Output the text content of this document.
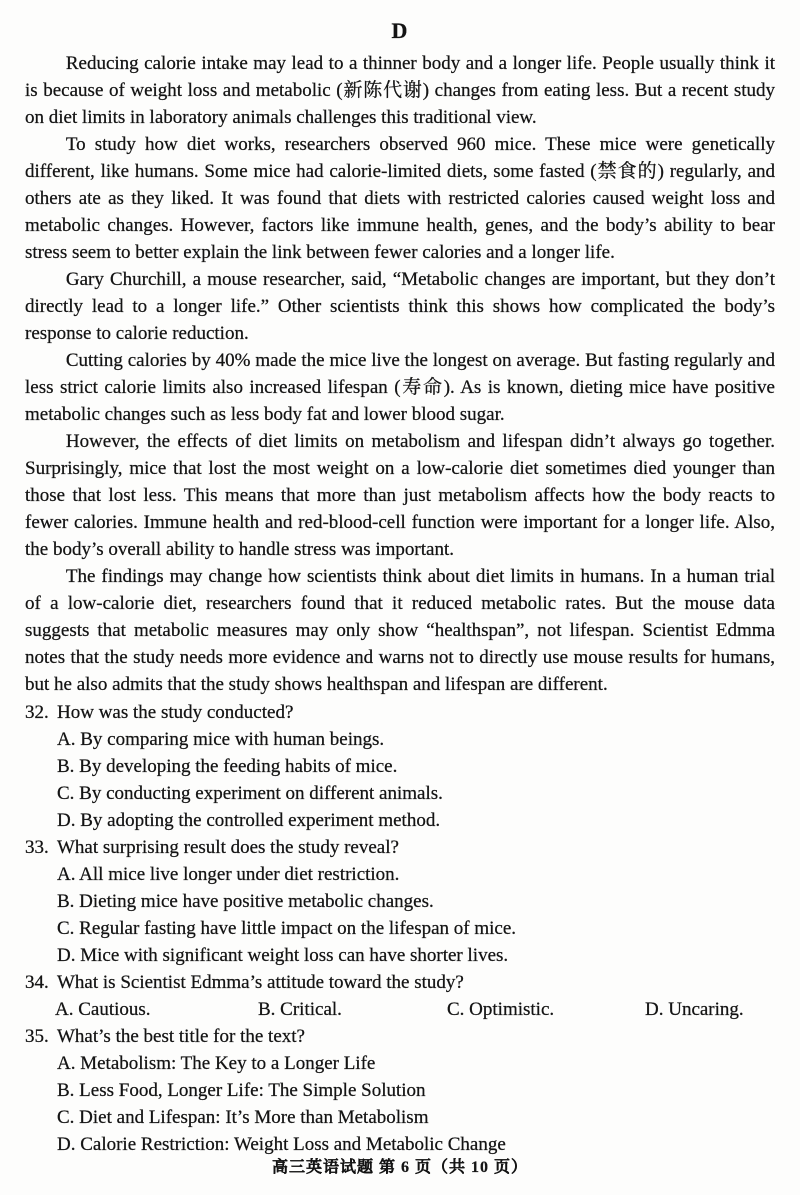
D

Reducing calorie intake may lead to a thinner body and a longer life. People usually think it is because of weight loss and metabolic (新陈代谢) changes from eating less. But a recent study on diet limits in laboratory animals challenges this traditional view.

To study how diet works, researchers observed 960 mice. These mice were genetically different, like humans. Some mice had calorie-limited diets, some fasted (禁食的) regularly, and others ate as they liked. It was found that diets with restricted calories caused weight loss and metabolic changes. However, factors like immune health, genes, and the body’s ability to bear stress seem to better explain the link between fewer calories and a longer life.

Gary Churchill, a mouse researcher, said, “Metabolic changes are important, but they don’t directly lead to a longer life.” Other scientists think this shows how complicated the body’s response to calorie reduction.

Cutting calories by 40% made the mice live the longest on average. But fasting regularly and less strict calorie limits also increased lifespan (寿命). As is known, dieting mice have positive metabolic changes such as less body fat and lower blood sugar.

However, the effects of diet limits on metabolism and lifespan didn’t always go together. Surprisingly, mice that lost the most weight on a low-calorie diet sometimes died younger than those that lost less. This means that more than just metabolism affects how the body reacts to fewer calories. Immune health and red-blood-cell function were important for a longer life. Also, the body’s overall ability to handle stress was important.

The findings may change how scientists think about diet limits in humans. In a human trial of a low-calorie diet, researchers found that it reduced metabolic rates. But the mouse data suggests that metabolic measures may only show “healthspan”, not lifespan. Scientist Edmma notes that the study needs more evidence and warns not to directly use mouse results for humans, but he also admits that the study shows healthspan and lifespan are different.

32. How was the study conducted?
A. By comparing mice with human beings.
B. By developing the feeding habits of mice.
C. By conducting experiment on different animals.
D. By adopting the controlled experiment method.
33. What surprising result does the study reveal?
A. All mice live longer under diet restriction.
B. Dieting mice have positive metabolic changes.
C. Regular fasting have little impact on the lifespan of mice.
D. Mice with significant weight loss can have shorter lives.
34. What is Scientist Edmma’s attitude toward the study?
A. Cautious.	B. Critical.	C. Optimistic.	D. Uncaring.
35. What’s the best title for the text?
A. Metabolism: The Key to a Longer Life
B. Less Food, Longer Life: The Simple Solution
C. Diet and Lifespan: It’s More than Metabolism
D. Calorie Restriction: Weight Loss and Metabolic Change
高三英语试题 第 6 页（共 10 页）
